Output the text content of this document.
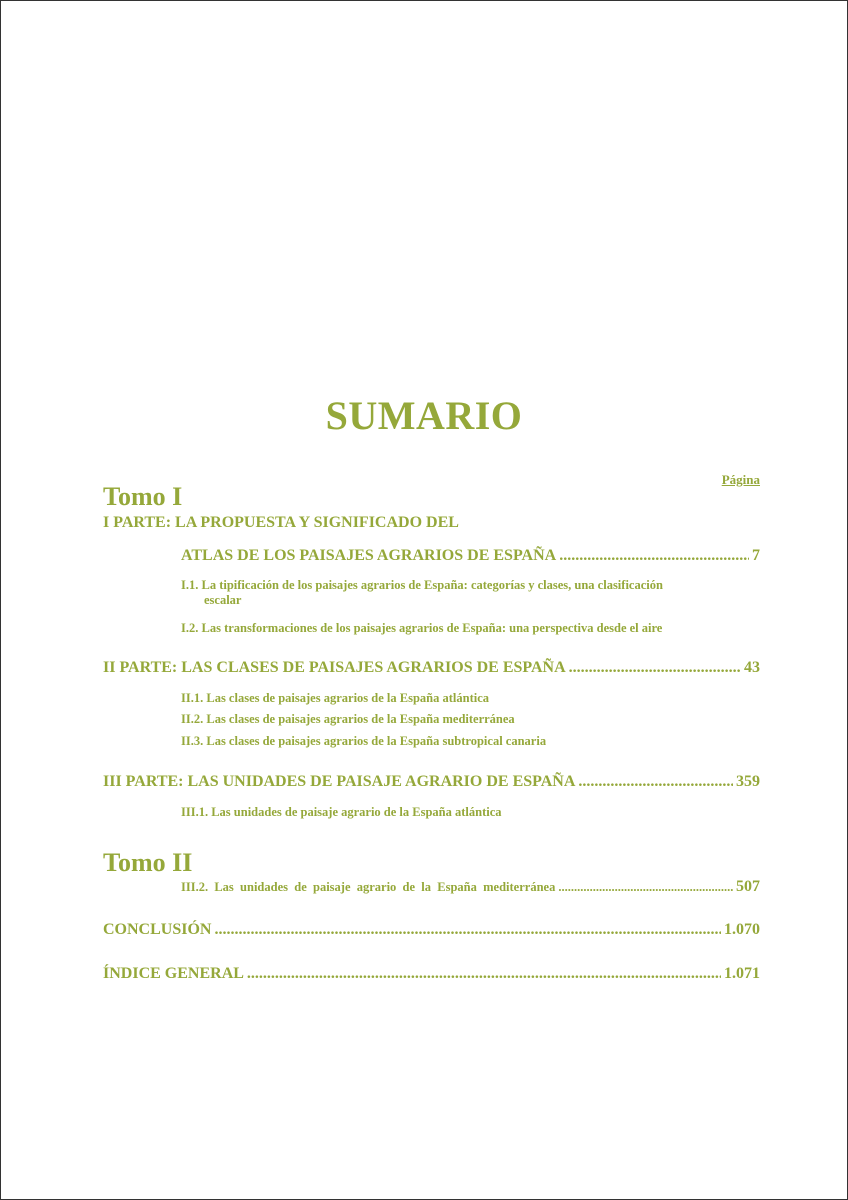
SUMARIO
Página
Tomo I
I PARTE: LA PROPUESTA Y SIGNIFICADO DEL
ATLAS DE LOS PAISAJES AGRARIOS DE ESPAÑA .....	7
I.1. La tipificación de los paisajes agrarios de España: categorías y clases, una clasificación
escalar
I.2. Las transformaciones de los paisajes agrarios de España: una perspectiva desde el aire
II PARTE: LAS CLASES DE PAISAJES AGRARIOS DE ESPAÑA .....	43
II.1. Las clases de paisajes agrarios de la España atlántica
II.2. Las clases de paisajes agrarios de la España mediterránea
II.3. Las clases de paisajes agrarios de la España subtropical canaria
III PARTE: LAS UNIDADES DE PAISAJE AGRARIO DE ESPAÑA .....	359
III.1. Las unidades de paisaje agrario de la España atlántica
Tomo II
III.2.  Las  unidades  de  paisaje  agrario  de  la  España  mediterránea .....	507
CONCLUSIÓN .....	1.070
ÍNDICE GENERAL .....	1.071
